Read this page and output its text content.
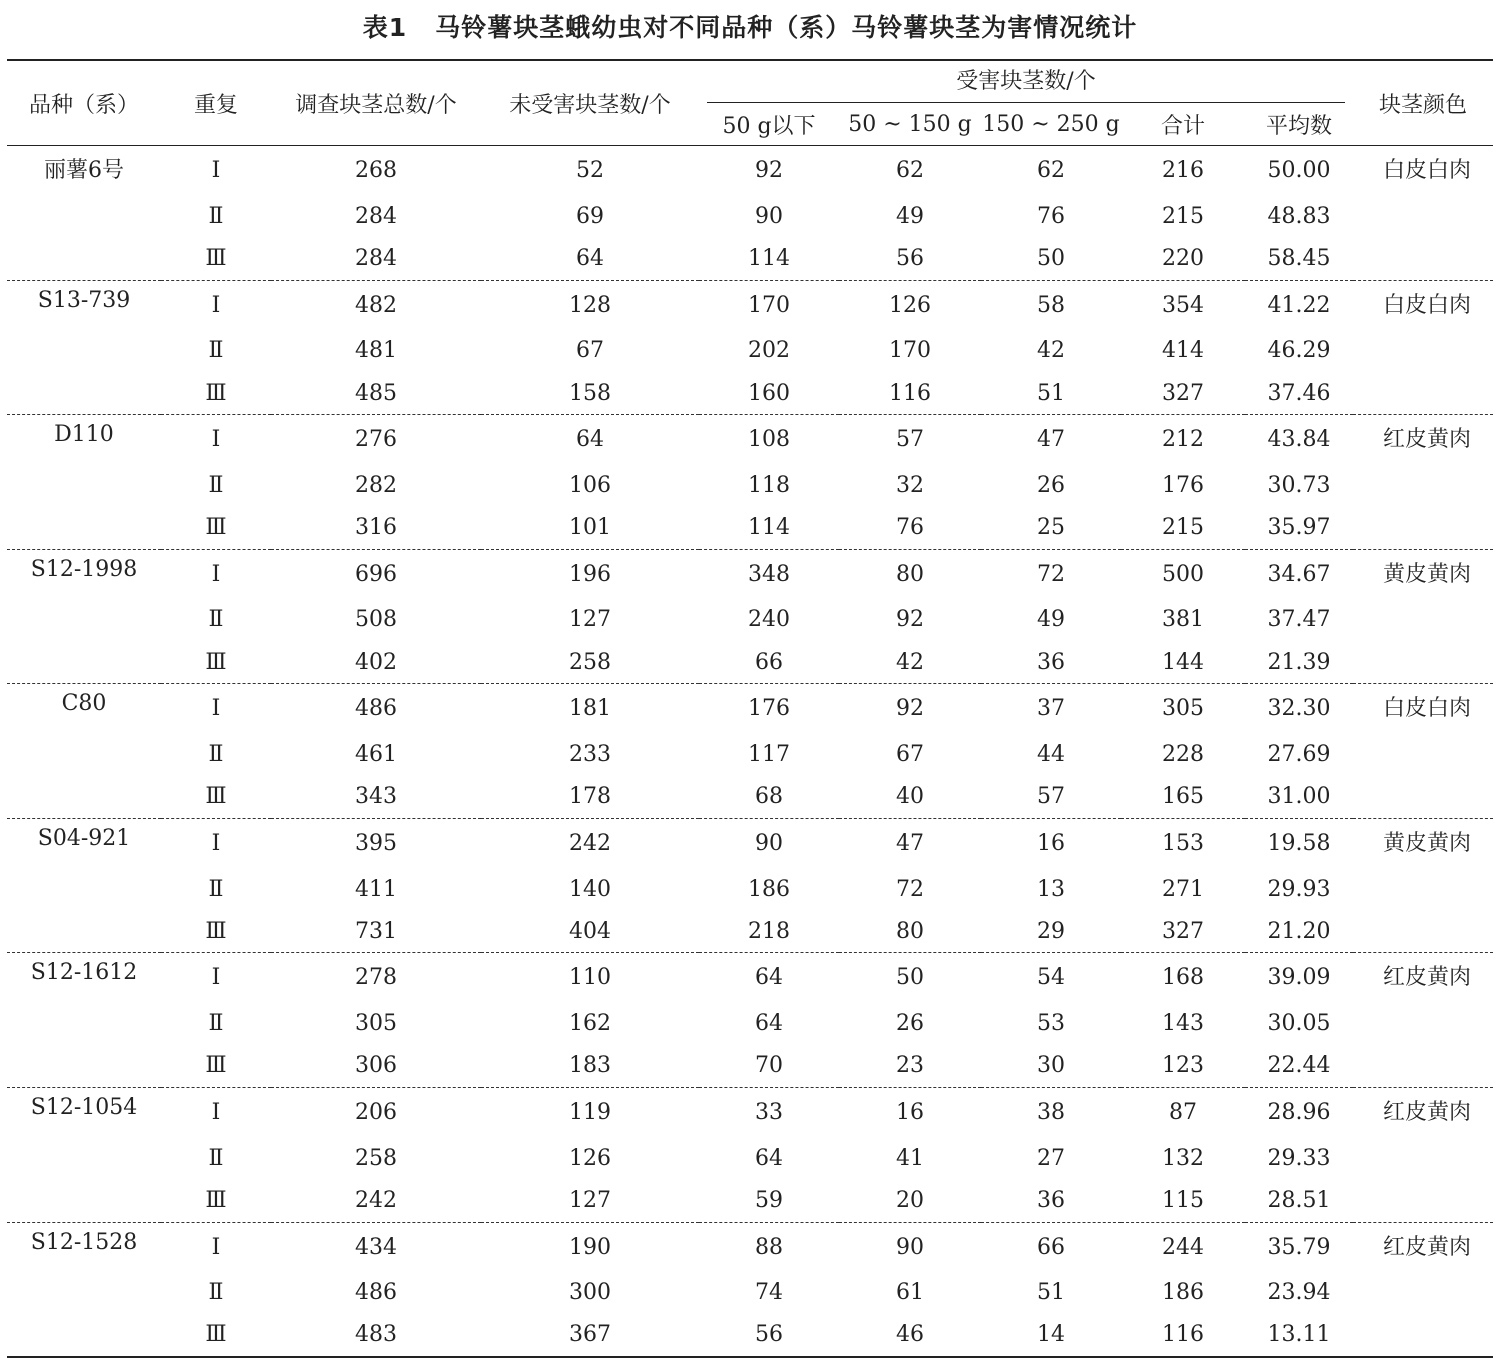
表1 马铃薯块茎蛾幼虫对不同品种（系）马铃薯块茎为害情况统计
品种（系）	重复	调查块茎总数/个	未受害块茎数/个	受害块茎数/个					块茎颜色
				50 g以下	50 ~ 150 g	150 ~ 250 g	合计	平均数	
丽薯6号	Ⅰ	268	52	92	62	62	216	50.00	白皮白肉
	Ⅱ	284	69	90	49	76	215	48.83	
	Ⅲ	284	64	114	56	50	220	58.45	
S13-739	Ⅰ	482	128	170	126	58	354	41.22	白皮白肉
	Ⅱ	481	67	202	170	42	414	46.29	
	Ⅲ	485	158	160	116	51	327	37.46	
D110	Ⅰ	276	64	108	57	47	212	43.84	红皮黄肉
	Ⅱ	282	106	118	32	26	176	30.73	
	Ⅲ	316	101	114	76	25	215	35.97	
S12-1998	Ⅰ	696	196	348	80	72	500	34.67	黄皮黄肉
	Ⅱ	508	127	240	92	49	381	37.47	
	Ⅲ	402	258	66	42	36	144	21.39	
C80	Ⅰ	486	181	176	92	37	305	32.30	白皮白肉
	Ⅱ	461	233	117	67	44	228	27.69	
	Ⅲ	343	178	68	40	57	165	31.00	
S04-921	Ⅰ	395	242	90	47	16	153	19.58	黄皮黄肉
	Ⅱ	411	140	186	72	13	271	29.93	
	Ⅲ	731	404	218	80	29	327	21.20	
S12-1612	Ⅰ	278	110	64	50	54	168	39.09	红皮黄肉
	Ⅱ	305	162	64	26	53	143	30.05	
	Ⅲ	306	183	70	23	30	123	22.44	
S12-1054	Ⅰ	206	119	33	16	38	87	28.96	红皮黄肉
	Ⅱ	258	126	64	41	27	132	29.33	
	Ⅲ	242	127	59	20	36	115	28.51	
S12-1528	Ⅰ	434	190	88	90	66	244	35.79	红皮黄肉
	Ⅱ	486	300	74	61	51	186	23.94	
	Ⅲ	483	367	56	46	14	116	13.11	
